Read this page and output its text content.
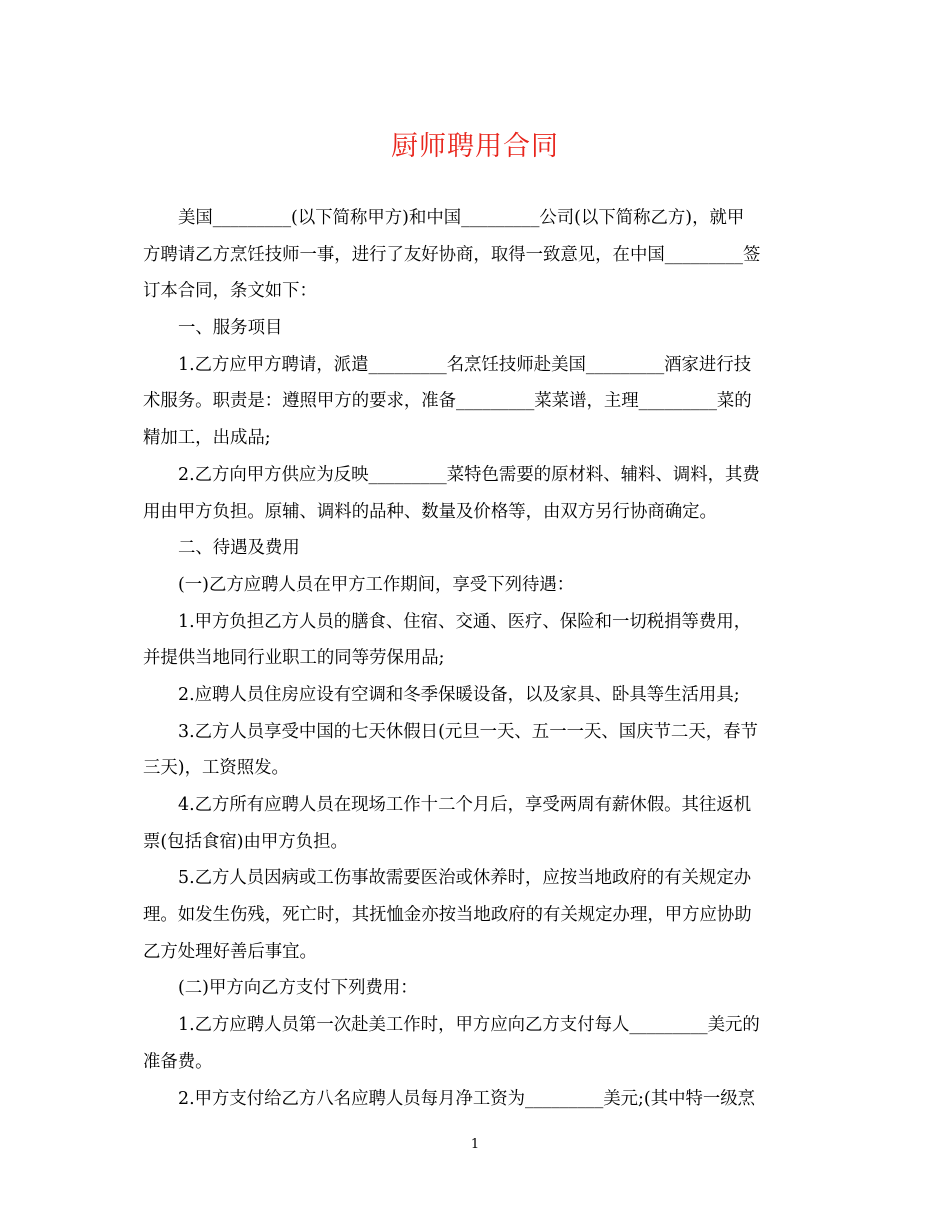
厨师聘用合同
美国_________(以下简称甲方)和中国_________公司(以下简称乙方)，就甲
方聘请乙方烹饪技师一事，进行了友好协商，取得一致意见，在中国_________签
订本合同，条文如下：
一、服务项目
1.乙方应甲方聘请，派遣_________名烹饪技师赴美国_________酒家进行技
术服务。职责是：遵照甲方的要求，准备_________菜菜谱，主理_________菜的
精加工，出成品;
2.乙方向甲方供应为反映_________菜特色需要的原材料、辅料、调料，其费
用由甲方负担。原辅、调料的品种、数量及价格等，由双方另行协商确定。
二、待遇及费用
(一)乙方应聘人员在甲方工作期间，享受下列待遇：
1.甲方负担乙方人员的膳食、住宿、交通、医疗、保险和一切税捐等费用，
并提供当地同行业职工的同等劳保用品;
2.应聘人员住房应设有空调和冬季保暖设备，以及家具、卧具等生活用具;
3.乙方人员享受中国的七天休假日(元旦一天、五一一天、国庆节二天，春节
三天)，工资照发。
4.乙方所有应聘人员在现场工作十二个月后，享受两周有薪休假。其往返机
票(包括食宿)由甲方负担。
5.乙方人员因病或工伤事故需要医治或休养时，应按当地政府的有关规定办
理。如发生伤残，死亡时，其抚恤金亦按当地政府的有关规定办理，甲方应协助
乙方处理好善后事宜。
(二)甲方向乙方支付下列费用：
1.乙方应聘人员第一次赴美工作时，甲方应向乙方支付每人_________美元的
准备费。
2.甲方支付给乙方八名应聘人员每月净工资为_________美元;(其中特一级烹
1
